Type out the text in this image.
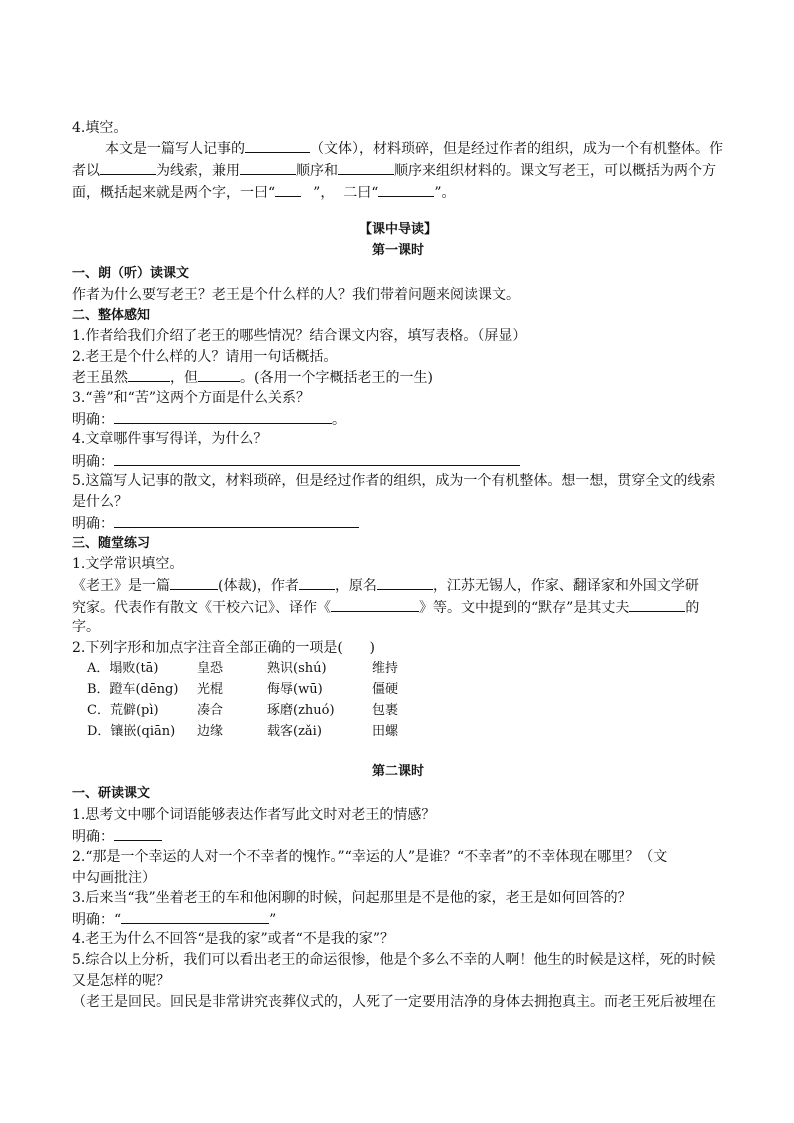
4.填空。
本文是一篇写人记事的	（文体），材料琐碎，但是经过作者的组织，成为一个有机整体。作
者以	为线索，兼用	顺序和	顺序来组织材料的。课文写老王，可以概括为两个方
面，概括起来就是两个字，一曰“	”，  二曰“	”。
【课中导读】
第一课时
一、朗（听）读课文
作者为什么要写老王？老王是个什么样的人？我们带着问题来阅读课文。
二、整体感知
1.作者给我们介绍了老王的哪些情况？结合课文内容，填写表格。（屏显）
2.老王是个什么样的人？请用一句话概括。
老王虽然	，但	。(各用一个字概括老王的一生)
3.“善”和“苦”这两个方面是什么关系？
明确：	。
4.文章哪件事写得详，为什么？
明确：
5.这篇写人记事的散文，材料琐碎，但是经过作者的组织，成为一个有机整体。想一想，贯穿全文的线索
是什么？
明确：
三、随堂练习
1.文学常识填空。
《老王》是一篇	(体裁)，作者	，原名	，江苏无锡人，作家、翻译家和外国文学研
究家。代表作有散文《干校六记》、译作《	》等。文中提到的“默存”是其丈夫	的
字。
2.下列字形和加点字注音全部正确的一项是(      )
A．塌败(tā)	皇恐	熟识(shú)	维持
B．蹬车(dēng) 光棍	侮辱(wū)	僵硬
C．荒僻(pì)	凑合	琢磨(zhuó)	包裹
D．镶嵌(qiān) 边缘	载客(zǎi)	田螺
第二课时
一、研读课文
1.思考文中哪个词语能够表达作者写此文时对老王的情感？
明确：
2.“那是一个幸运的人对一个不幸者的愧怍。”“幸运的人”是谁？“不幸者”的不幸体现在哪里？（文
中勾画批注）
3.后来当“我”坐着老王的车和他闲聊的时候，问起那里是不是他的家，老王是如何回答的？
明确：“	”
4.老王为什么不回答“是我的家”或者“不是我的家”？
5.综合以上分析，我们可以看出老王的命运很惨，他是个多么不幸的人啊！他生的时候是这样，死的时候
又是怎样的呢？
（老王是回民。回民是非常讲究丧葬仪式的，人死了一定要用洁净的身体去拥抱真主。而老王死后被埋在
